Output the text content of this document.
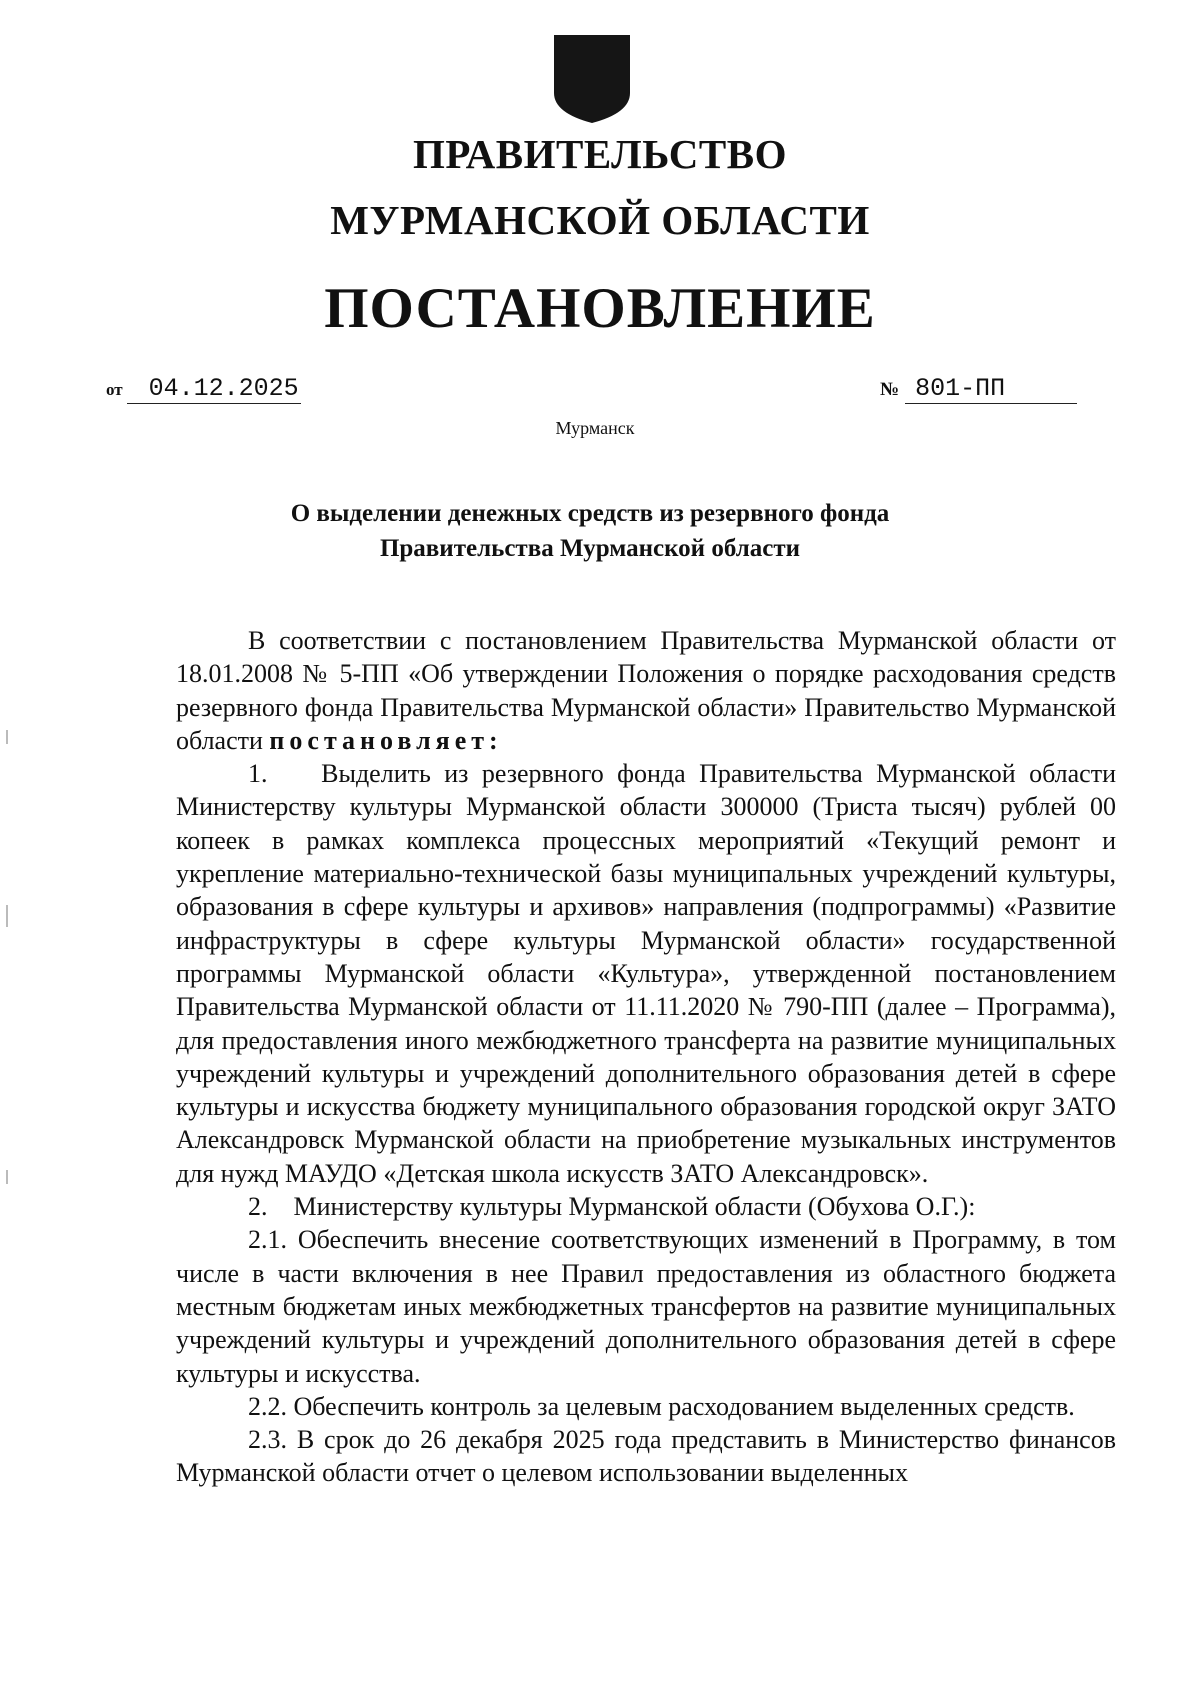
ПРАВИТЕЛЬСТВО
МУРМАНСКОЙ ОБЛАСТИ
ПОСТАНОВЛЕНИЕ
от 04.12.2025	№ 801-ПП
Мурманск
О выделении денежных средств из резервного фонда
Правительства Мурманской области

В соответствии с постановлением Правительства Мурманской области от 18.01.2008 № 5-ПП «Об утверждении Положения о порядке расходования средств резервного фонда Правительства Мурманской области» Правительство Мурманской области постановляет:

1.    Выделить из резервного фонда Правительства Мурманской области Министерству культуры Мурманской области 300000 (Триста тысяч) рублей 00 копеек в рамках комплекса процессных мероприятий «Текущий ремонт и укрепление материально-технической базы муниципальных учреждений культуры, образования в сфере культуры и архивов» направления (подпрограммы) «Развитие инфраструктуры в сфере культуры Мурманской области» государственной программы Мурманской области «Культура», утвержденной постановлением Правительства Мурманской области от 11.11.2020 № 790-ПП (далее – Программа), для предоставления иного межбюджетного трансферта на развитие муниципальных учреждений культуры и учреждений дополнительного образования детей в сфере культуры и искусства бюджету муниципального образования городской округ ЗАТО Александровск Мурманской области на приобретение музыкальных инструментов для нужд МАУДО «Детская школа искусств ЗАТО Александровск».

2.    Министерству культуры Мурманской области (Обухова О.Г.):

2.1. Обеспечить внесение соответствующих изменений в Программу, в том числе в части включения в нее Правил предоставления из областного бюджета местным бюджетам иных межбюджетных трансфертов на развитие муниципальных учреждений культуры и учреждений дополнительного образования детей в сфере культуры и искусства.

2.2. Обеспечить контроль за целевым расходованием выделенных средств.

2.3. В срок до 26 декабря 2025 года представить в Министерство финансов Мурманской области отчет о целевом использовании выделенных
